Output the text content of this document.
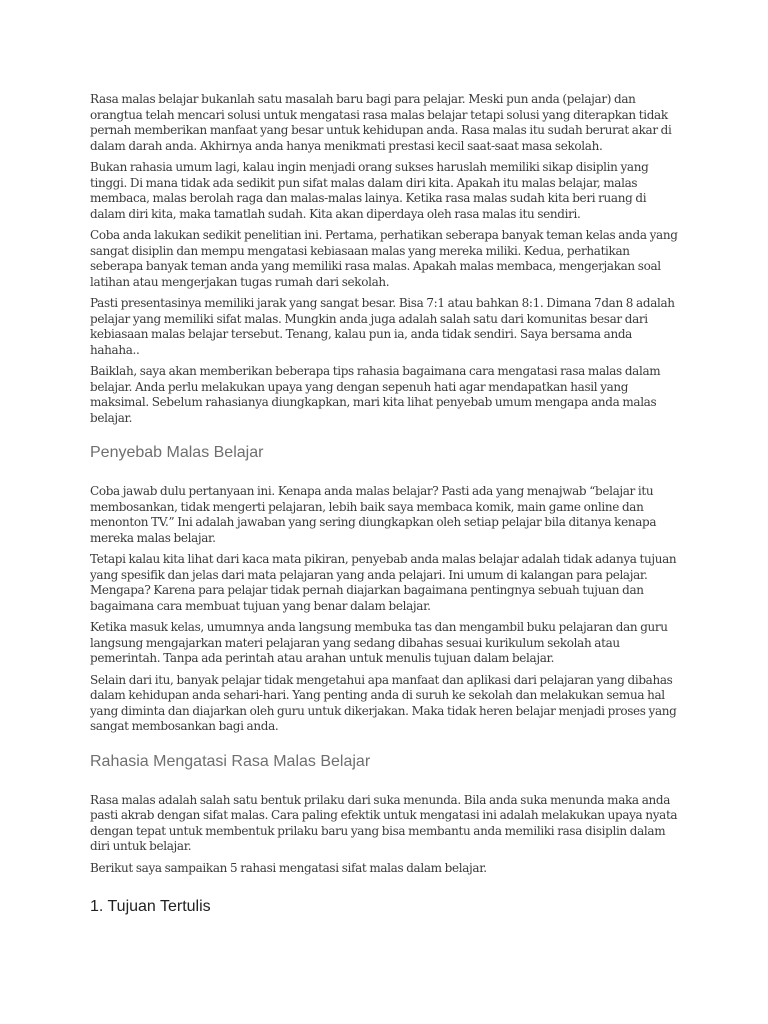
Rasa malas belajar bukanlah satu masalah baru bagi para pelajar. Meski pun anda (pelajar) dan orangtua telah mencari solusi untuk mengatasi rasa malas belajar tetapi solusi yang diterapkan tidak pernah memberikan manfaat yang besar untuk kehidupan anda. Rasa malas itu sudah berurat akar di dalam darah anda. Akhirnya anda hanya menikmati prestasi kecil saat-saat masa sekolah.

Bukan rahasia umum lagi, kalau ingin menjadi orang sukses haruslah memiliki sikap disiplin yang tinggi. Di mana tidak ada sedikit pun sifat malas dalam diri kita. Apakah itu malas belajar, malas membaca, malas berolah raga dan malas-malas lainya. Ketika rasa malas sudah kita beri ruang di dalam diri kita, maka tamatlah sudah. Kita akan diperdaya oleh rasa malas itu sendiri.

Coba anda lakukan sedikit penelitian ini. Pertama, perhatikan seberapa banyak teman kelas anda yang sangat disiplin dan mempu mengatasi kebiasaan malas yang mereka miliki. Kedua, perhatikan seberapa banyak teman anda yang memiliki rasa malas. Apakah malas membaca, mengerjakan soal latihan atau mengerjakan tugas rumah dari sekolah.

Pasti presentasinya memiliki jarak yang sangat besar. Bisa 7:1 atau bahkan 8:1. Dimana 7dan 8 adalah pelajar yang memiliki sifat malas. Mungkin anda juga adalah salah satu dari komunitas besar dari kebiasaan malas belajar tersebut. Tenang, kalau pun ia, anda tidak sendiri. Saya bersama anda hahaha..

Baiklah, saya akan memberikan beberapa tips rahasia bagaimana cara mengatasi rasa malas dalam belajar. Anda perlu melakukan upaya yang dengan sepenuh hati agar mendapatkan hasil yang maksimal. Sebelum rahasianya diungkapkan, mari kita lihat penyebab umum mengapa anda malas belajar.

Penyebab Malas Belajar

Coba jawab dulu pertanyaan ini. Kenapa anda malas belajar? Pasti ada yang menajwab “belajar itu membosankan, tidak mengerti pelajaran, lebih baik saya membaca komik, main game online dan menonton TV.” Ini adalah jawaban yang sering diungkapkan oleh setiap pelajar bila ditanya kenapa mereka malas belajar.

Tetapi kalau kita lihat dari kaca mata pikiran, penyebab anda malas belajar adalah tidak adanya tujuan yang spesifik dan jelas dari mata pelajaran yang anda pelajari. Ini umum di kalangan para pelajar. Mengapa? Karena para pelajar tidak pernah diajarkan bagaimana pentingnya sebuah tujuan dan bagaimana cara membuat tujuan yang benar dalam belajar.

Ketika masuk kelas, umumnya anda langsung membuka tas dan mengambil buku pelajaran dan guru langsung mengajarkan materi pelajaran yang sedang dibahas sesuai kurikulum sekolah atau pemerintah. Tanpa ada perintah atau arahan untuk menulis tujuan dalam belajar.

Selain dari itu, banyak pelajar tidak mengetahui apa manfaat dan aplikasi dari pelajaran yang dibahas dalam kehidupan anda sehari-hari. Yang penting anda di suruh ke sekolah dan melakukan semua hal yang diminta dan diajarkan oleh guru untuk dikerjakan. Maka tidak heren belajar menjadi proses yang sangat membosankan bagi anda.

Rahasia Mengatasi Rasa Malas Belajar

Rasa malas adalah salah satu bentuk prilaku dari suka menunda. Bila anda suka menunda maka anda pasti akrab dengan sifat malas. Cara paling efektik untuk mengatasi ini adalah melakukan upaya nyata dengan tepat untuk membentuk prilaku baru yang bisa membantu anda memiliki rasa disiplin dalam diri untuk belajar.

Berikut saya sampaikan 5 rahasi mengatasi sifat malas dalam belajar.

1. Tujuan Tertulis
